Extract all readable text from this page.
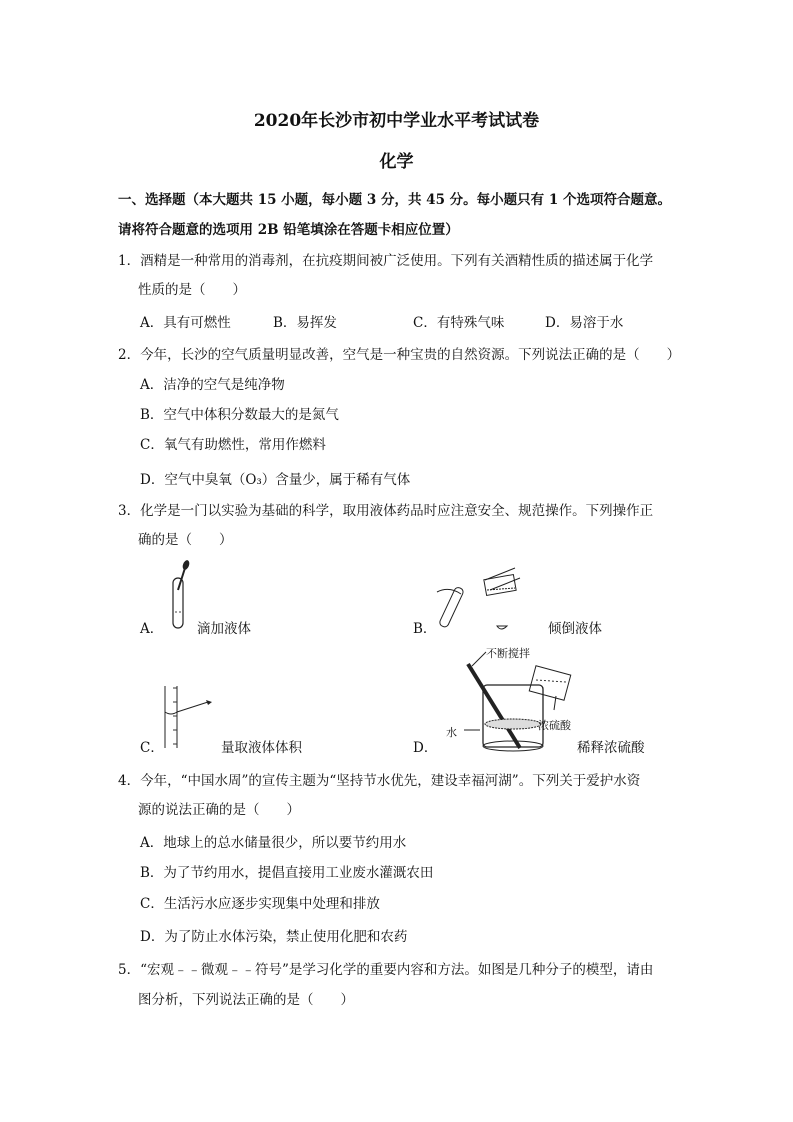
2020年长沙市初中学业水平考试试卷
化学
一、选择题（本大题共 15 小题，每小题 3 分，共 45 分。每小题只有 1 个选项符合题意。
请将符合题意的选项用 2B 铅笔填涂在答题卡相应位置）
1．酒精是一种常用的消毒剂，在抗疫期间被广泛使用。下列有关酒精性质的描述属于化学
性质的是（　　）
A．具有可燃性	B．易挥发	C．有特殊气味	D．易溶于水
2．今年，长沙的空气质量明显改善，空气是一种宝贵的自然资源。下列说法正确的是（　　）
A．洁净的空气是纯净物
B．空气中体积分数最大的是氮气
C．氧气有助燃性，常用作燃料
D．空气中臭氧（O₃）含量少，属于稀有气体
3．化学是一门以实验为基础的科学，取用液体药品时应注意安全、规范操作。下列操作正
确的是（　　）
A．	滴加液体	B．	倾倒液体
C．	量取液体体积	D．
不断搅拌
水
浓硫酸
稀释浓硫酸
4．今年，“中国水周”的宣传主题为“坚持节水优先，建设幸福河湖”。下列关于爱护水资
源的说法正确的是（　　）
A．地球上的总水储量很少，所以要节约用水
B．为了节约用水，提倡直接用工业废水灌溉农田
C．生活污水应逐步实现集中处理和排放
D．为了防止水体污染，禁止使用化肥和农药
5．“宏观﹣﹣微观﹣﹣符号”是学习化学的重要内容和方法。如图是几种分子的模型，请由
图分析，下列说法正确的是（　　）
